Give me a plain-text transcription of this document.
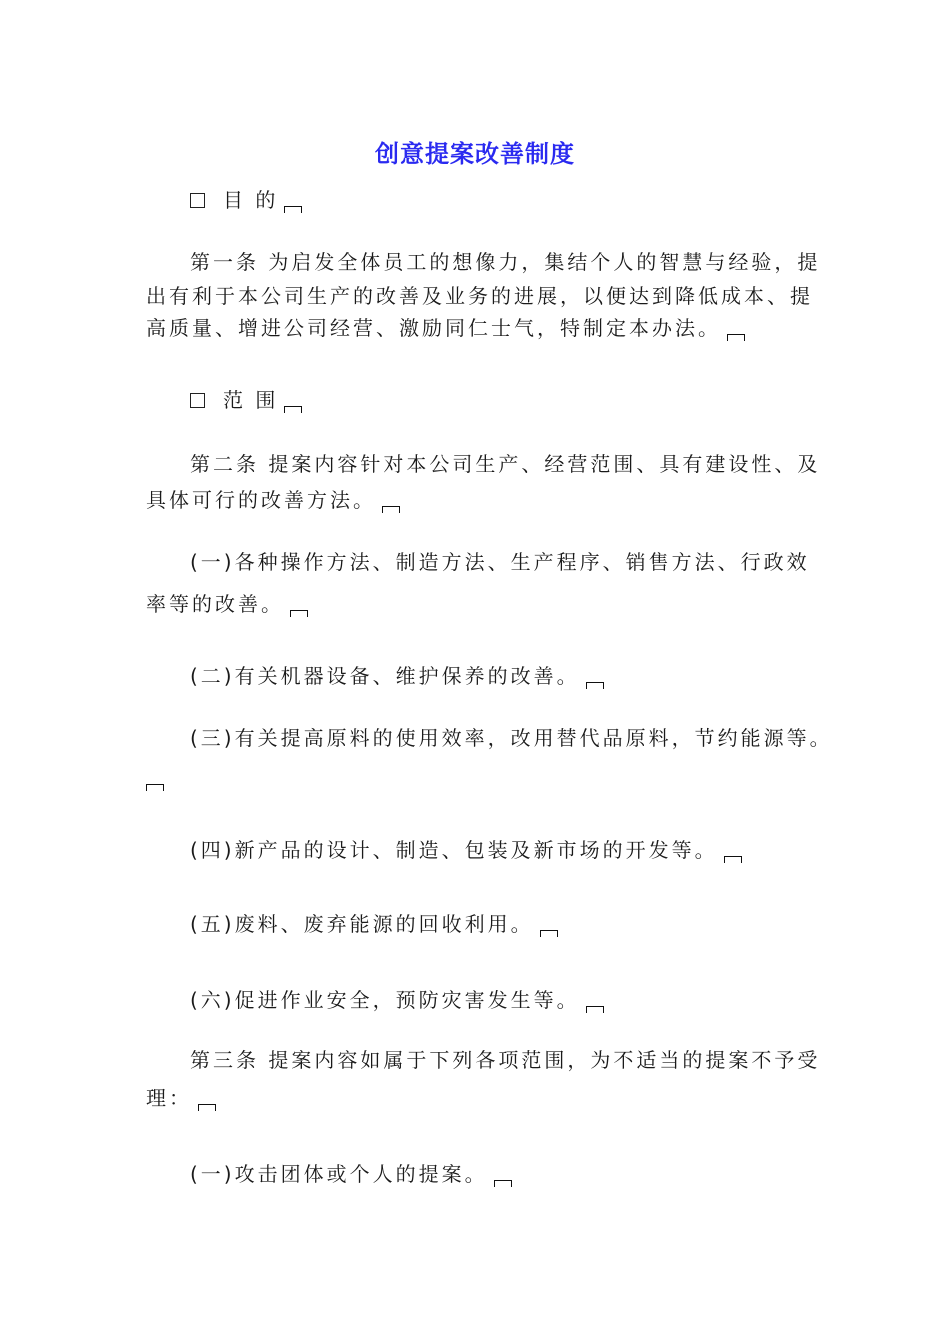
创意提案改善制度
目 的
第一条 为启发全体员工的想像力，集结个人的智慧与经验，提
出有利于本公司生产的改善及业务的进展，以便达到降低成本、提
高质量、增进公司经营、激励同仁士气，特制定本办法。
范 围
第二条 提案内容针对本公司生产、经营范围、具有建设性、及
具体可行的改善方法。
(一)各种操作方法、制造方法、生产程序、销售方法、行政效
率等的改善。
(二)有关机器设备、维护保养的改善。
(三)有关提高原料的使用效率，改用替代品原料，节约能源等。
(四)新产品的设计、制造、包装及新市场的开发等。
(五)废料、废弃能源的回收利用。
(六)促进作业安全，预防灾害发生等。
第三条 提案内容如属于下列各项范围，为不适当的提案不予受
理：
(一)攻击团体或个人的提案。
